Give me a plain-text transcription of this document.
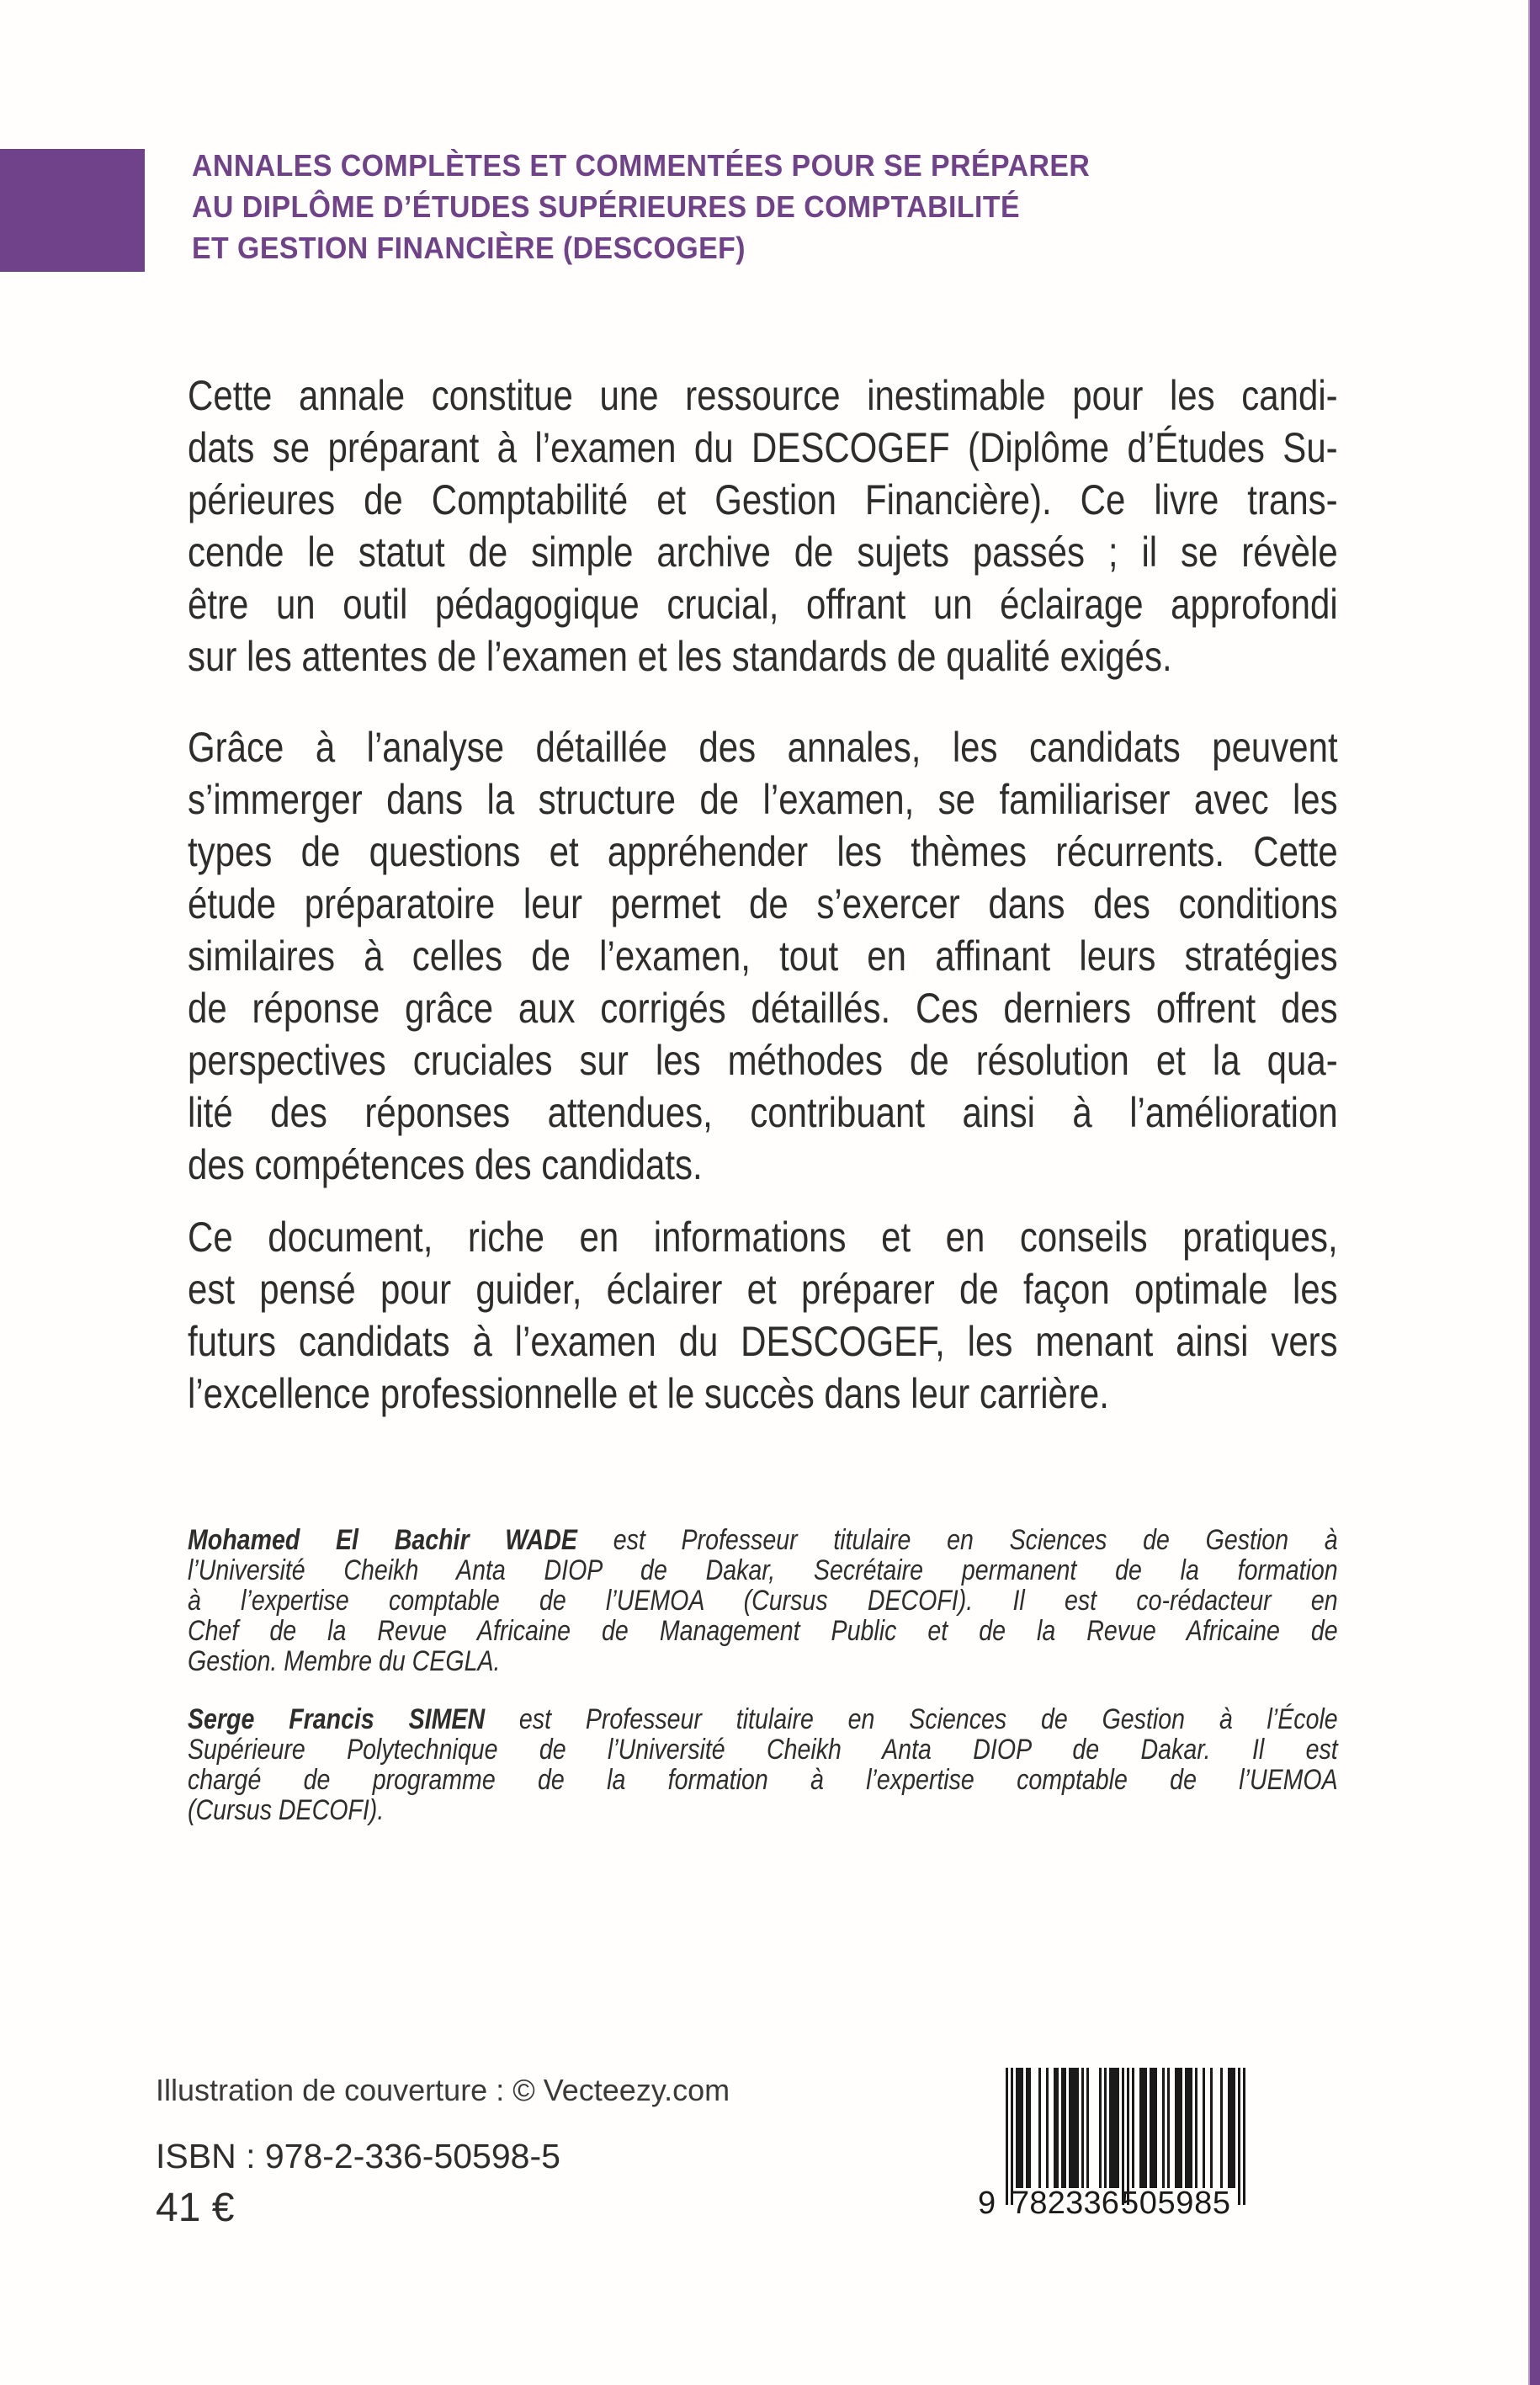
ANNALES COMPLÈTES ET COMMENTÉES POUR SE PRÉPARER
AU DIPLÔME D’ÉTUDES SUPÉRIEURES DE COMPTABILITÉ
ET GESTION FINANCIÈRE (DESCOGEF)
Cette annale constitue une ressource inestimable pour les candi-
dats se préparant à l’examen du DESCOGEF (Diplôme d’Études Su-
périeures de Comptabilité et Gestion Financière). Ce livre trans-
cende le statut de simple archive de sujets passés ; il se révèle
être un outil pédagogique crucial, offrant un éclairage approfondi
sur les attentes de l’examen et les standards de qualité exigés.
Grâce à l’analyse détaillée des annales, les candidats peuvent
s’immerger dans la structure de l’examen, se familiariser avec les
types de questions et appréhender les thèmes récurrents. Cette
étude préparatoire leur permet de s’exercer dans des conditions
similaires à celles de l’examen, tout en affinant leurs stratégies
de réponse grâce aux corrigés détaillés. Ces derniers offrent des
perspectives cruciales sur les méthodes de résolution et la qua-
lité des réponses attendues, contribuant ainsi à l’amélioration
des compétences des candidats.
Ce document, riche en informations et en conseils pratiques,
est pensé pour guider, éclairer et préparer de façon optimale les
futurs candidats à l’examen du DESCOGEF, les menant ainsi vers
l’excellence professionnelle et le succès dans leur carrière.
Mohamed El Bachir WADE est Professeur titulaire en Sciences de Gestion à
l’Université Cheikh Anta DIOP de Dakar, Secrétaire permanent de la formation
à l’expertise comptable de l’UEMOA (Cursus DECOFI). Il est co-rédacteur en
Chef de la Revue Africaine de Management Public et de la Revue Africaine de
Gestion. Membre du CEGLA.
Serge Francis SIMEN est Professeur titulaire en Sciences de Gestion à l’École
Supérieure Polytechnique de l’Université Cheikh Anta DIOP de Dakar. Il est
chargé de programme de la formation à l’expertise comptable de l’UEMOA
(Cursus DECOFI).
Illustration de couverture : © Vecteezy.com
ISBN : 978-2-336-50598-5
41 €	9 7 8 2 3 3 6 5 0 5 9 8 5
